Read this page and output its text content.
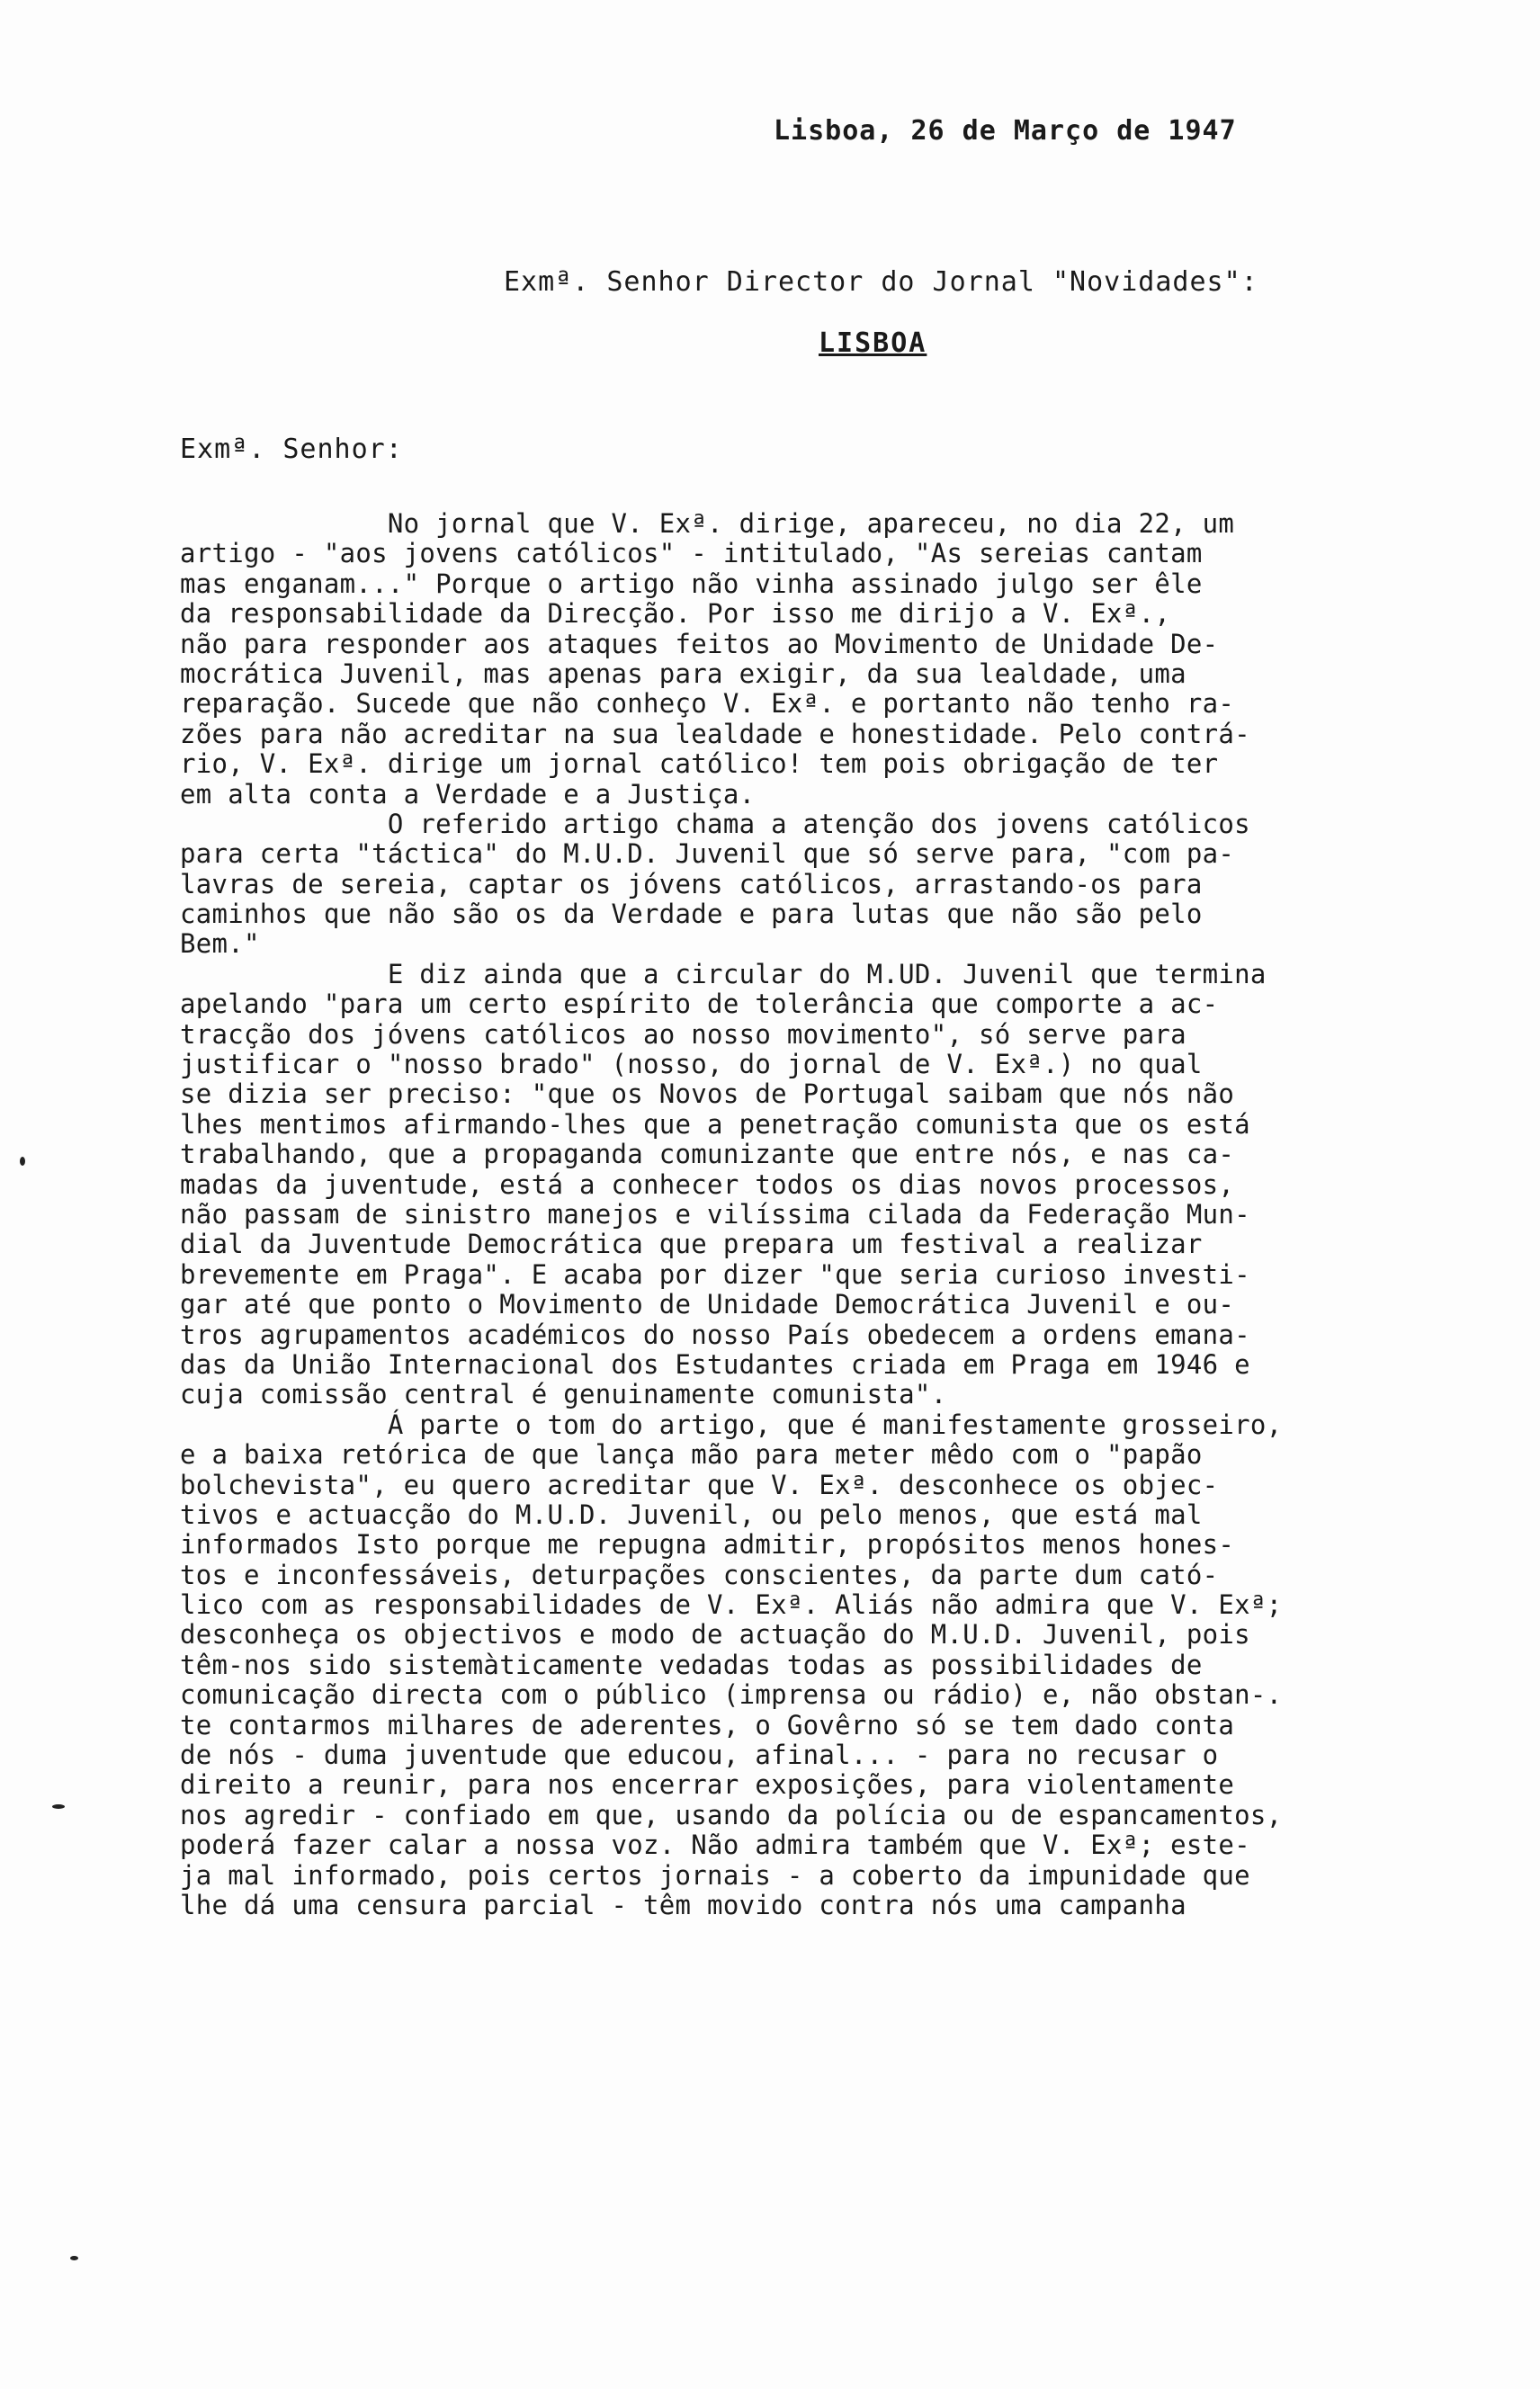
Lisboa, 26 de Março de 1947
Exmª. Senhor Director do Jornal "Novidades":
LISBOA
Exmª. Senhor:
No jornal que V. Exª. dirige, apareceu, no dia 22, um
artigo - "aos jovens católicos" - intitulado, "As sereias cantam
mas enganam..." Porque o artigo não vinha assinado julgo ser êle
da responsabilidade da Direcção. Por isso me dirijo a V. Exª.,
não para responder aos ataques feitos ao Movimento de Unidade De-
mocrática Juvenil, mas apenas para exigir, da sua lealdade, uma
reparação. Sucede que não conheço V. Exª. e portanto não tenho ra-
zões para não acreditar na sua lealdade e honestidade. Pelo contrá-
rio, V. Exª. dirige um jornal católico! tem pois obrigação de ter
em alta conta a Verdade e a Justiça.
O referido artigo chama a atenção dos jovens católicos
para certa "táctica" do M.U.D. Juvenil que só serve para, "com pa-
lavras de sereia, captar os jóvens católicos, arrastando-os para
caminhos que não são os da Verdade e para lutas que não são pelo
Bem."
E diz ainda que a circular do M.UD. Juvenil que termina
apelando "para um certo espírito de tolerância que comporte a ac-
tracção dos jóvens católicos ao nosso movimento", só serve para
justificar o "nosso brado" (nosso, do jornal de V. Exª.) no qual
se dizia ser preciso: "que os Novos de Portugal saibam que nós não
lhes mentimos afirmando-lhes que a penetração comunista que os está
trabalhando, que a propaganda comunizante que entre nós, e nas ca-
madas da juventude, está a conhecer todos os dias novos processos,
não passam de sinistro manejos e vilíssima cilada da Federação Mun-
dial da Juventude Democrática que prepara um festival a realizar
brevemente em Praga". E acaba por dizer "que seria curioso investi-
gar até que ponto o Movimento de Unidade Democrática Juvenil e ou-
tros agrupamentos académicos do nosso País obedecem a ordens emana-
das da União Internacional dos Estudantes criada em Praga em 1946 e
cuja comissão central é genuinamente comunista".
Á parte o tom do artigo, que é manifestamente grosseiro,
e a baixa retórica de que lança mão para meter mêdo com o "papão
bolchevista", eu quero acreditar que V. Exª. desconhece os objec-
tivos e actuacção do M.U.D. Juvenil, ou pelo menos, que está mal
informados Isto porque me repugna admitir, propósitos menos hones-
tos e inconfessáveis, deturpações conscientes, da parte dum cató-
lico com as responsabilidades de V. Exª. Aliás não admira que V. Exª;
desconheça os objectivos e modo de actuação do M.U.D. Juvenil, pois
têm-nos sido sistemàticamente vedadas todas as possibilidades de
comunicação directa com o público (imprensa ou rádio) e, não obstan-.
te contarmos milhares de aderentes, o Govêrno só se tem dado conta
de nós - duma juventude que educou, afinal... - para no recusar o
direito a reunir, para nos encerrar exposições, para violentamente
nos agredir - confiado em que, usando da polícia ou de espancamentos,
poderá fazer calar a nossa voz. Não admira também que V. Exª; este-
ja mal informado, pois certos jornais - a coberto da impunidade que
lhe dá uma censura parcial - têm movido contra nós uma campanha
